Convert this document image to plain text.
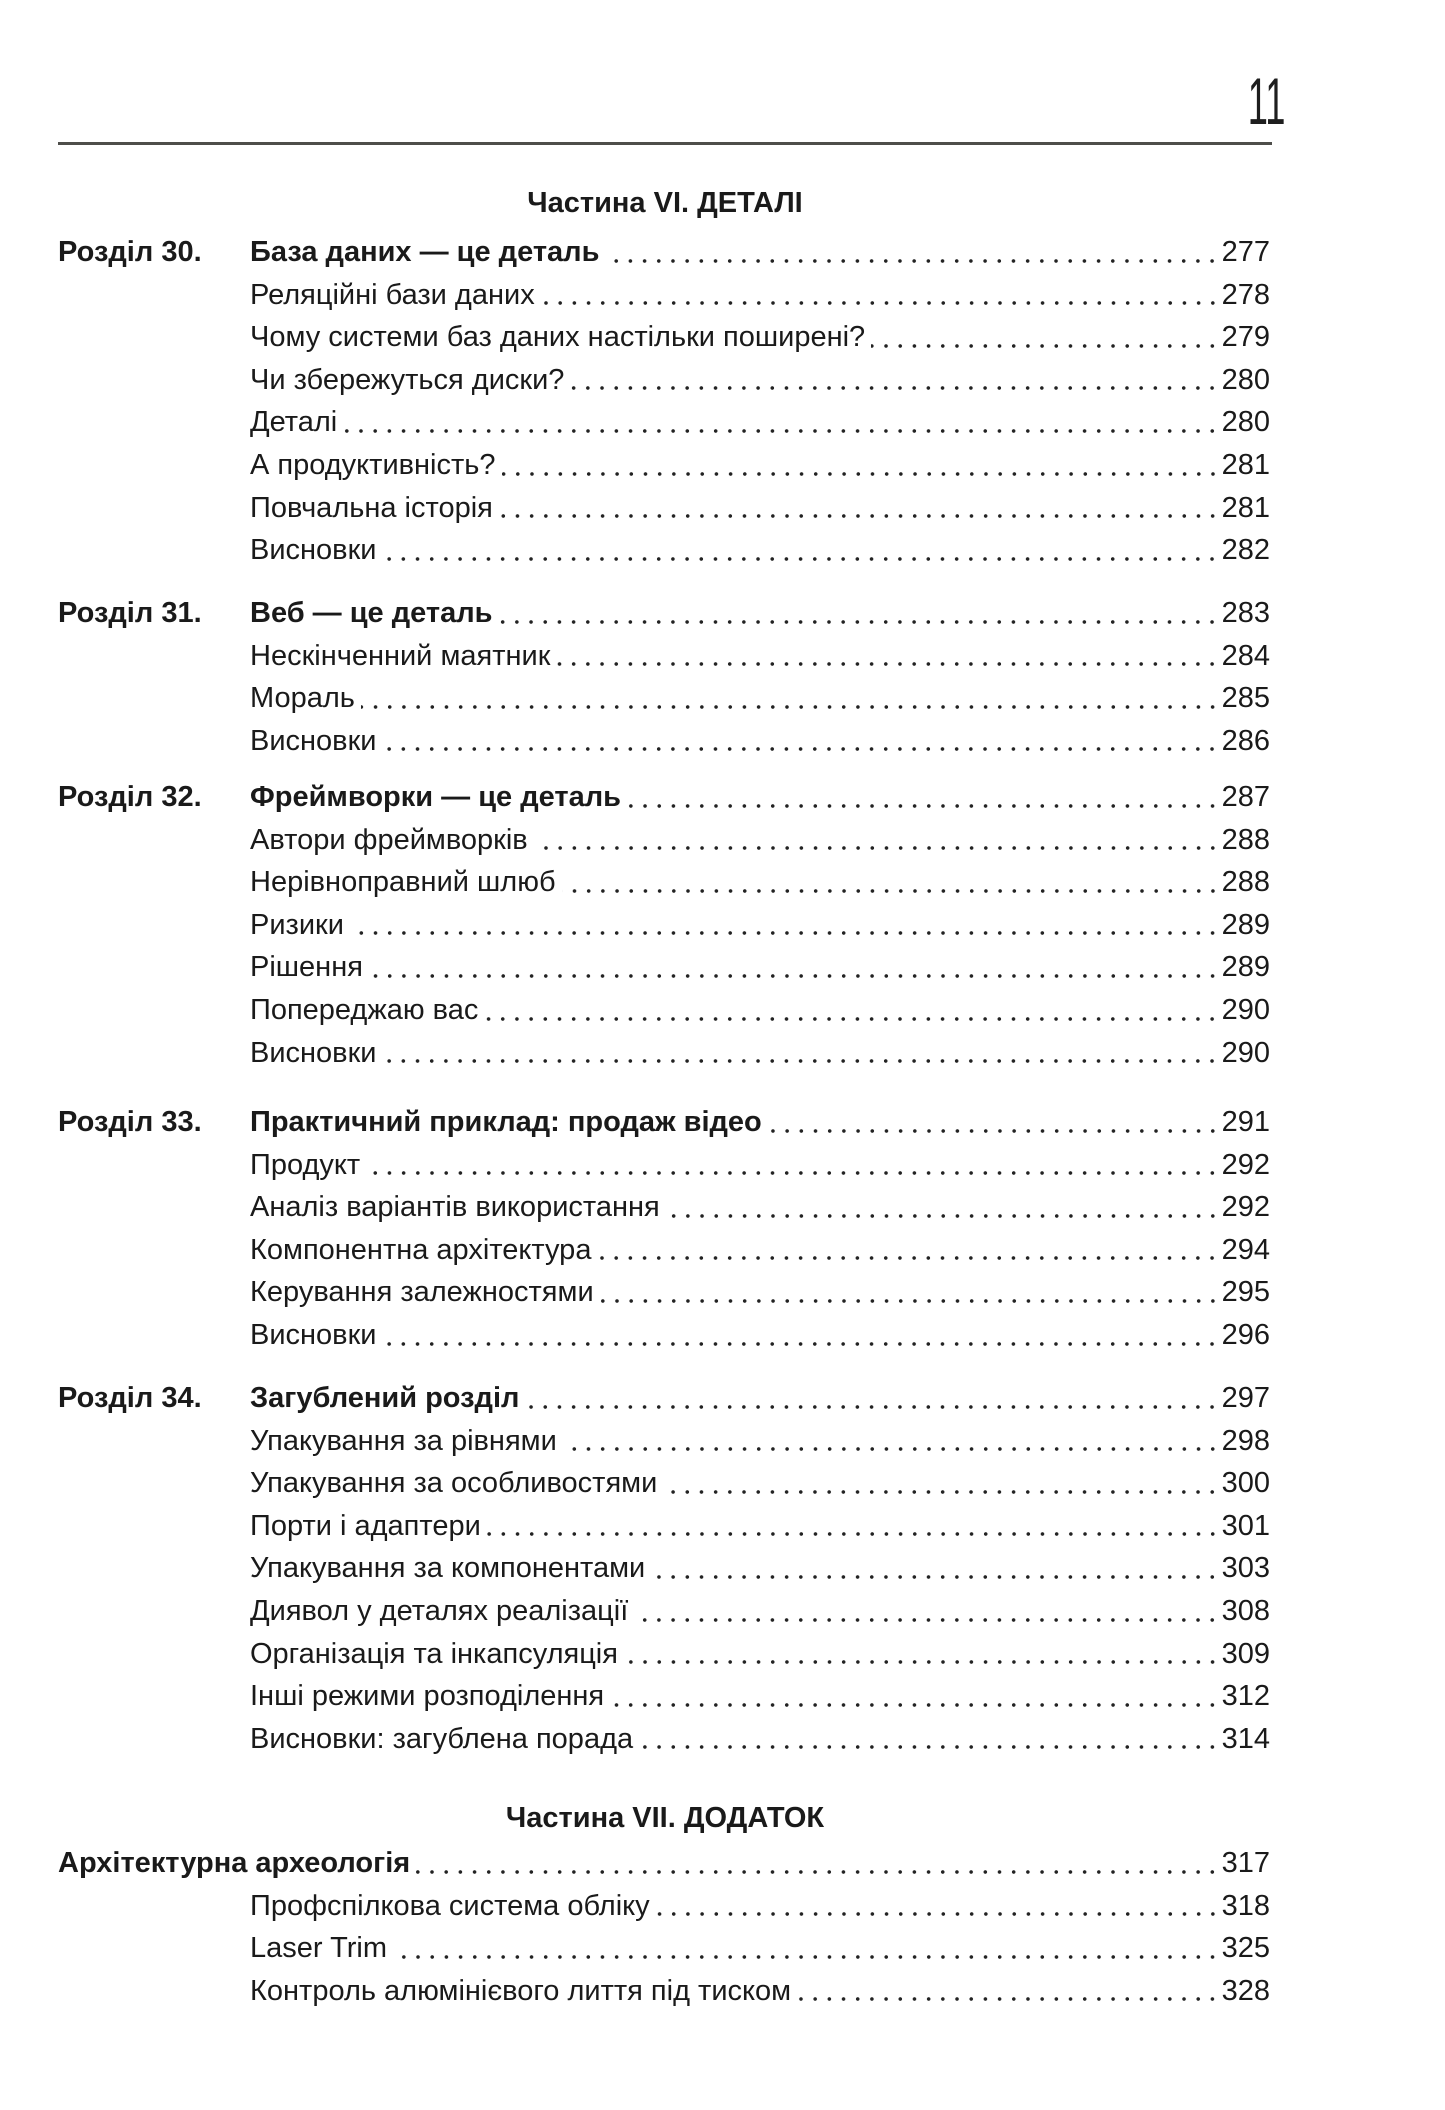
11
Частина VI. ДЕТАЛІ
Розділ 30. База даних — це деталь	277
Реляційні бази даних	278
Чому системи баз даних настільки поширені?	279
Чи збережуться диски?	280
Деталі	280
А продуктивність?	281
Повчальна історія	281
Висновки	282
Розділ 31. Веб — це деталь	283
Нескінченний маятник	284
Мораль	285
Висновки	286
Розділ 32. Фреймворки — це деталь	287
Автори фреймворків	288
Нерівноправний шлюб	288
Ризики	289
Рішення	289
Попереджаю вас	290
Висновки	290
Розділ 33. Практичний приклад: продаж відео	291
Продукт	292
Аналіз варіантів використання	292
Компонентна архітектура	294
Керування залежностями	295
Висновки	296
Розділ 34. Загублений розділ	297
Упакування за рівнями	298
Упакування за особливостями	300
Порти і адаптери	301
Упакування за компонентами	303
Диявол у деталях реалізації	308
Організація та інкапсуляція	309
Інші режими розподілення	312
Висновки: загублена порада	314
Частина VII. ДОДАТОК
Архітектурна археологія	317
Профспілкова система обліку	318
Laser Trim	325
Контроль алюмінієвого лиття під тиском	328
